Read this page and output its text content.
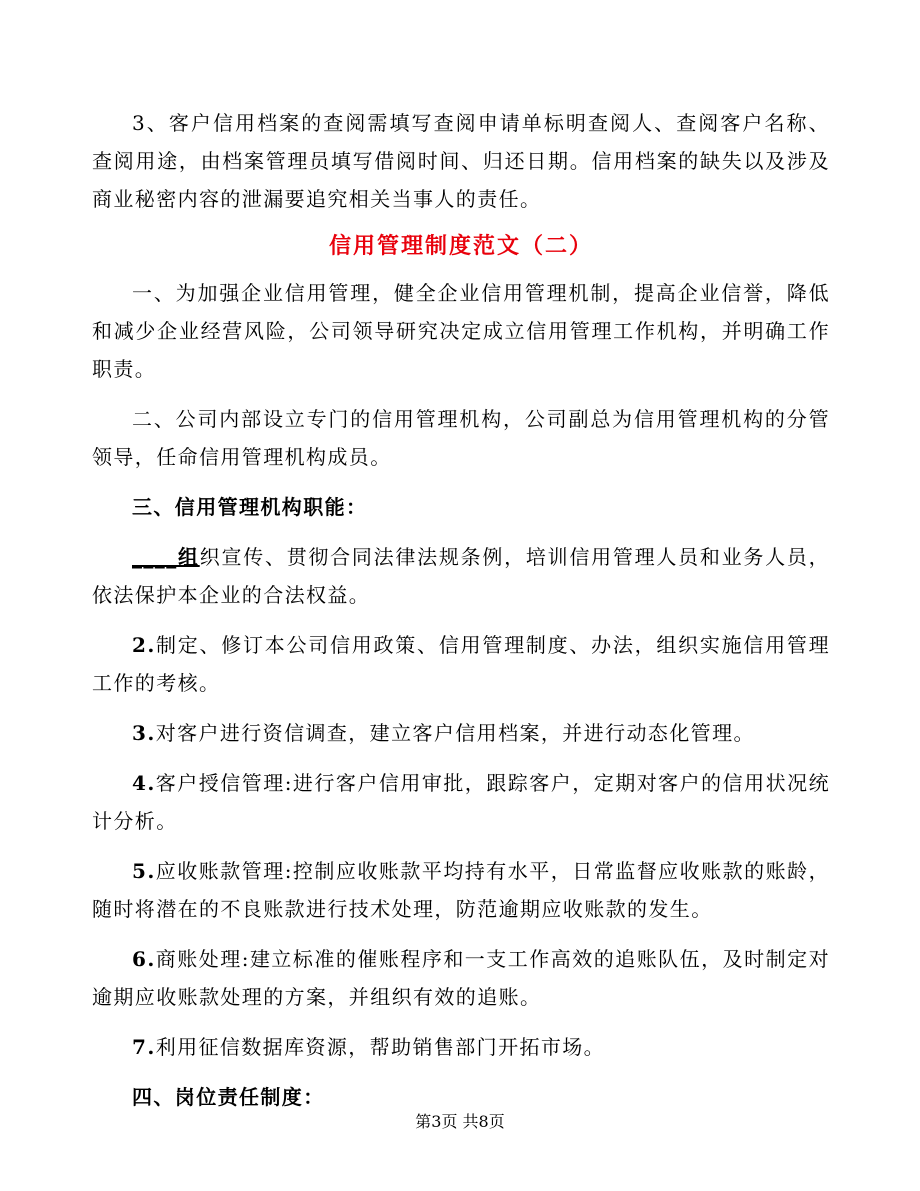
3、客户信用档案的查阅需填写查阅申请单标明查阅人、查阅客户名称、查阅用途，由档案管理员填写借阅时间、归还日期。信用档案的缺失以及涉及商业秘密内容的泄漏要追究相关当事人的责任。

信用管理制度范文（二）

一、为加强企业信用管理，健全企业信用管理机制，提高企业信誉，降低和减少企业经营风险，公司领导研究决定成立信用管理工作机构，并明确工作职责。

二、公司内部设立专门的信用管理机构，公司副总为信用管理机构的分管领导，任命信用管理机构成员。

三、信用管理机构职能：

____组织宣传、贯彻合同法律法规条例，培训信用管理人员和业务人员，依法保护本企业的合法权益。

2.制定、修订本公司信用政策、信用管理制度、办法，组织实施信用管理工作的考核。

3.对客户进行资信调查，建立客户信用档案，并进行动态化管理。

4.客户授信管理:进行客户信用审批，跟踪客户，定期对客户的信用状况统计分析。

5.应收账款管理:控制应收账款平均持有水平，日常监督应收账款的账龄，随时将潜在的不良账款进行技术处理，防范逾期应收账款的发生。

6.商账处理:建立标准的催账程序和一支工作高效的追账队伍，及时制定对逾期应收账款处理的方案，并组织有效的追账。

7.利用征信数据库资源，帮助销售部门开拓市场。

四、岗位责任制度：

第3页 共8页
